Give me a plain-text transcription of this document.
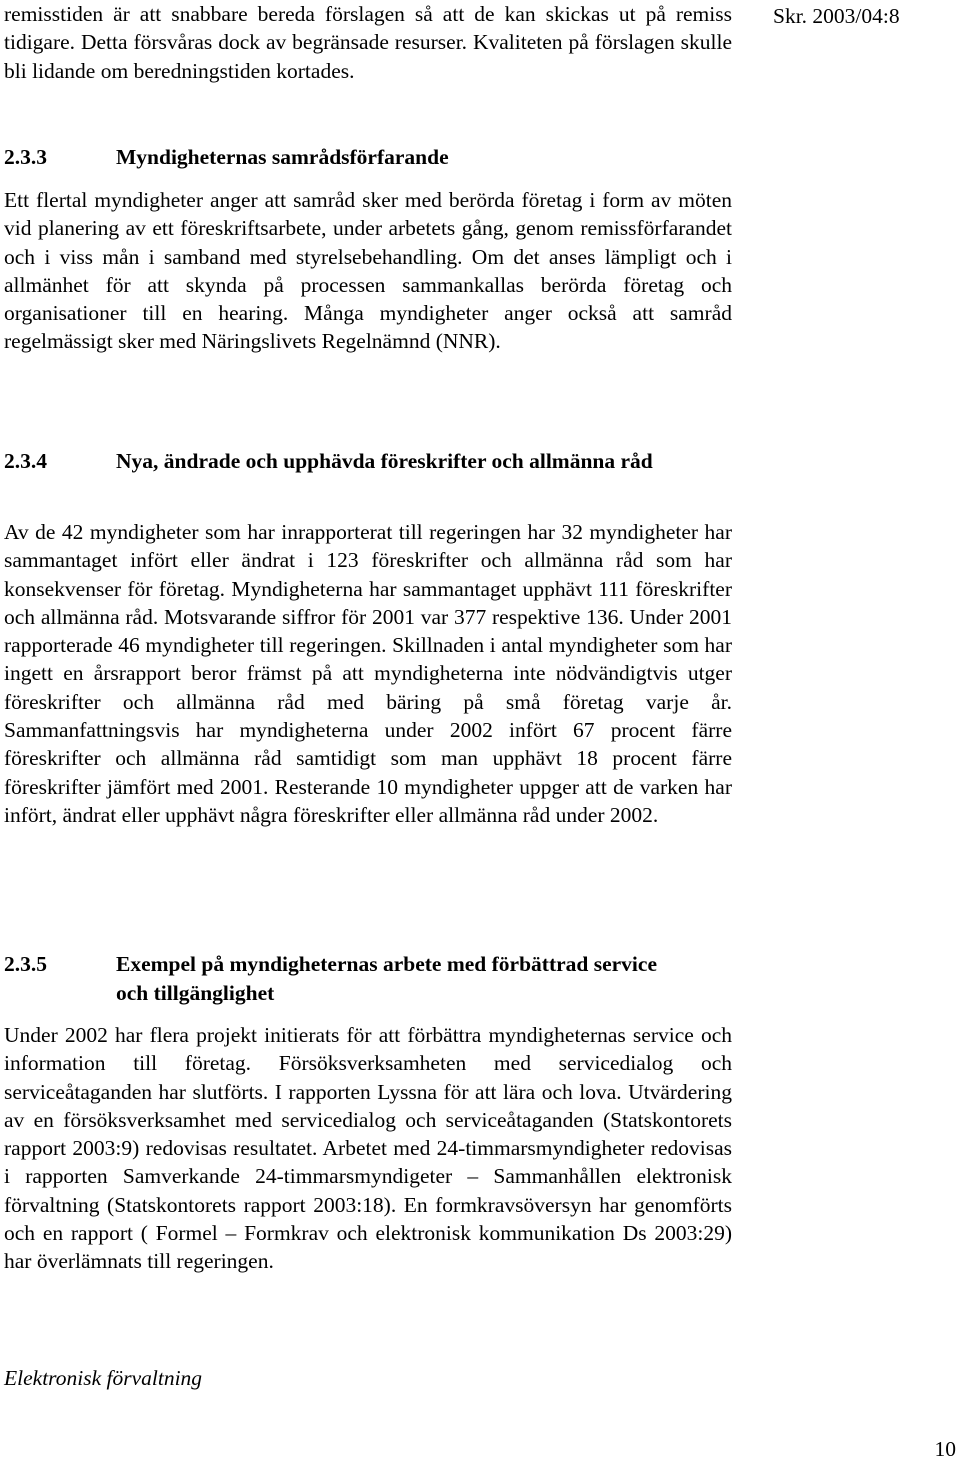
remisstiden är att snabbare bereda förslagen så att de kan skickas ut på remiss tidigare. Detta försvåras dock av begränsade resurser. Kvaliteten på förslagen skulle bli lidande om beredningstiden kortades.

Skr. 2003/04:8
2.3.3	Myndigheternas samrådsförfarande

Ett flertal myndigheter anger att samråd sker med berörda företag i form av möten vid planering av ett föreskriftsarbete, under arbetets gång, genom remissförfarandet och i viss mån i samband med styrelsebehandling. Om det anses lämpligt och i allmänhet för att skynda på processen sammankallas berörda företag och organisationer till en hearing. Många myndigheter anger också att samråd regelmässigt sker med Näringslivets Regelnämnd (NNR).

2.3.4	Nya, ändrade och upphävda föreskrifter och allmänna råd

Av de 42 myndigheter som har inrapporterat till regeringen har 32 myndigheter har sammantaget infört eller ändrat i 123 föreskrifter och allmänna råd som har konsekvenser för företag. Myndigheterna har sammantaget upphävt 111 föreskrifter och allmänna råd. Motsvarande siffror för 2001 var 377 respektive 136. Under 2001 rapporterade 46 myndigheter till regeringen. Skillnaden i antal myndigheter som har ingett en årsrapport beror främst på att myndigheterna inte nödvändigtvis utger föreskrifter och allmänna råd med bäring på små företag varje år. Sammanfattningsvis har myndigheterna under 2002 infört 67 procent färre föreskrifter och allmänna råd samtidigt som man upphävt 18 procent färre föreskrifter jämfört med 2001. Resterande 10 myndigheter uppger att de varken har infört, ändrat eller upphävt några föreskrifter eller allmänna råd under 2002.

2.3.5	Exempel på myndigheternas arbete med förbättrad service och tillgänglighet

Under 2002 har flera projekt initierats för att förbättra myndigheternas service och information till företag. Försöksverksamheten med servicedialog och serviceåtaganden har slutförts. I rapporten Lyssna för att lära och lova. Utvärdering av en försöksverksamhet med servicedialog och serviceåtaganden (Statskontorets rapport 2003:9) redovisas resultatet. Arbetet med 24-timmarsmyndigheter redovisas i rapporten Samverkande 24-timmarsmyndigeter – Sammanhållen elektronisk förvaltning (Statskontorets rapport 2003:18). En formkravsöversyn har genomförts och en rapport ( Formel – Formkrav och elektronisk kommunikation Ds 2003:29) har överlämnats till regeringen.

Elektronisk förvaltning

10
